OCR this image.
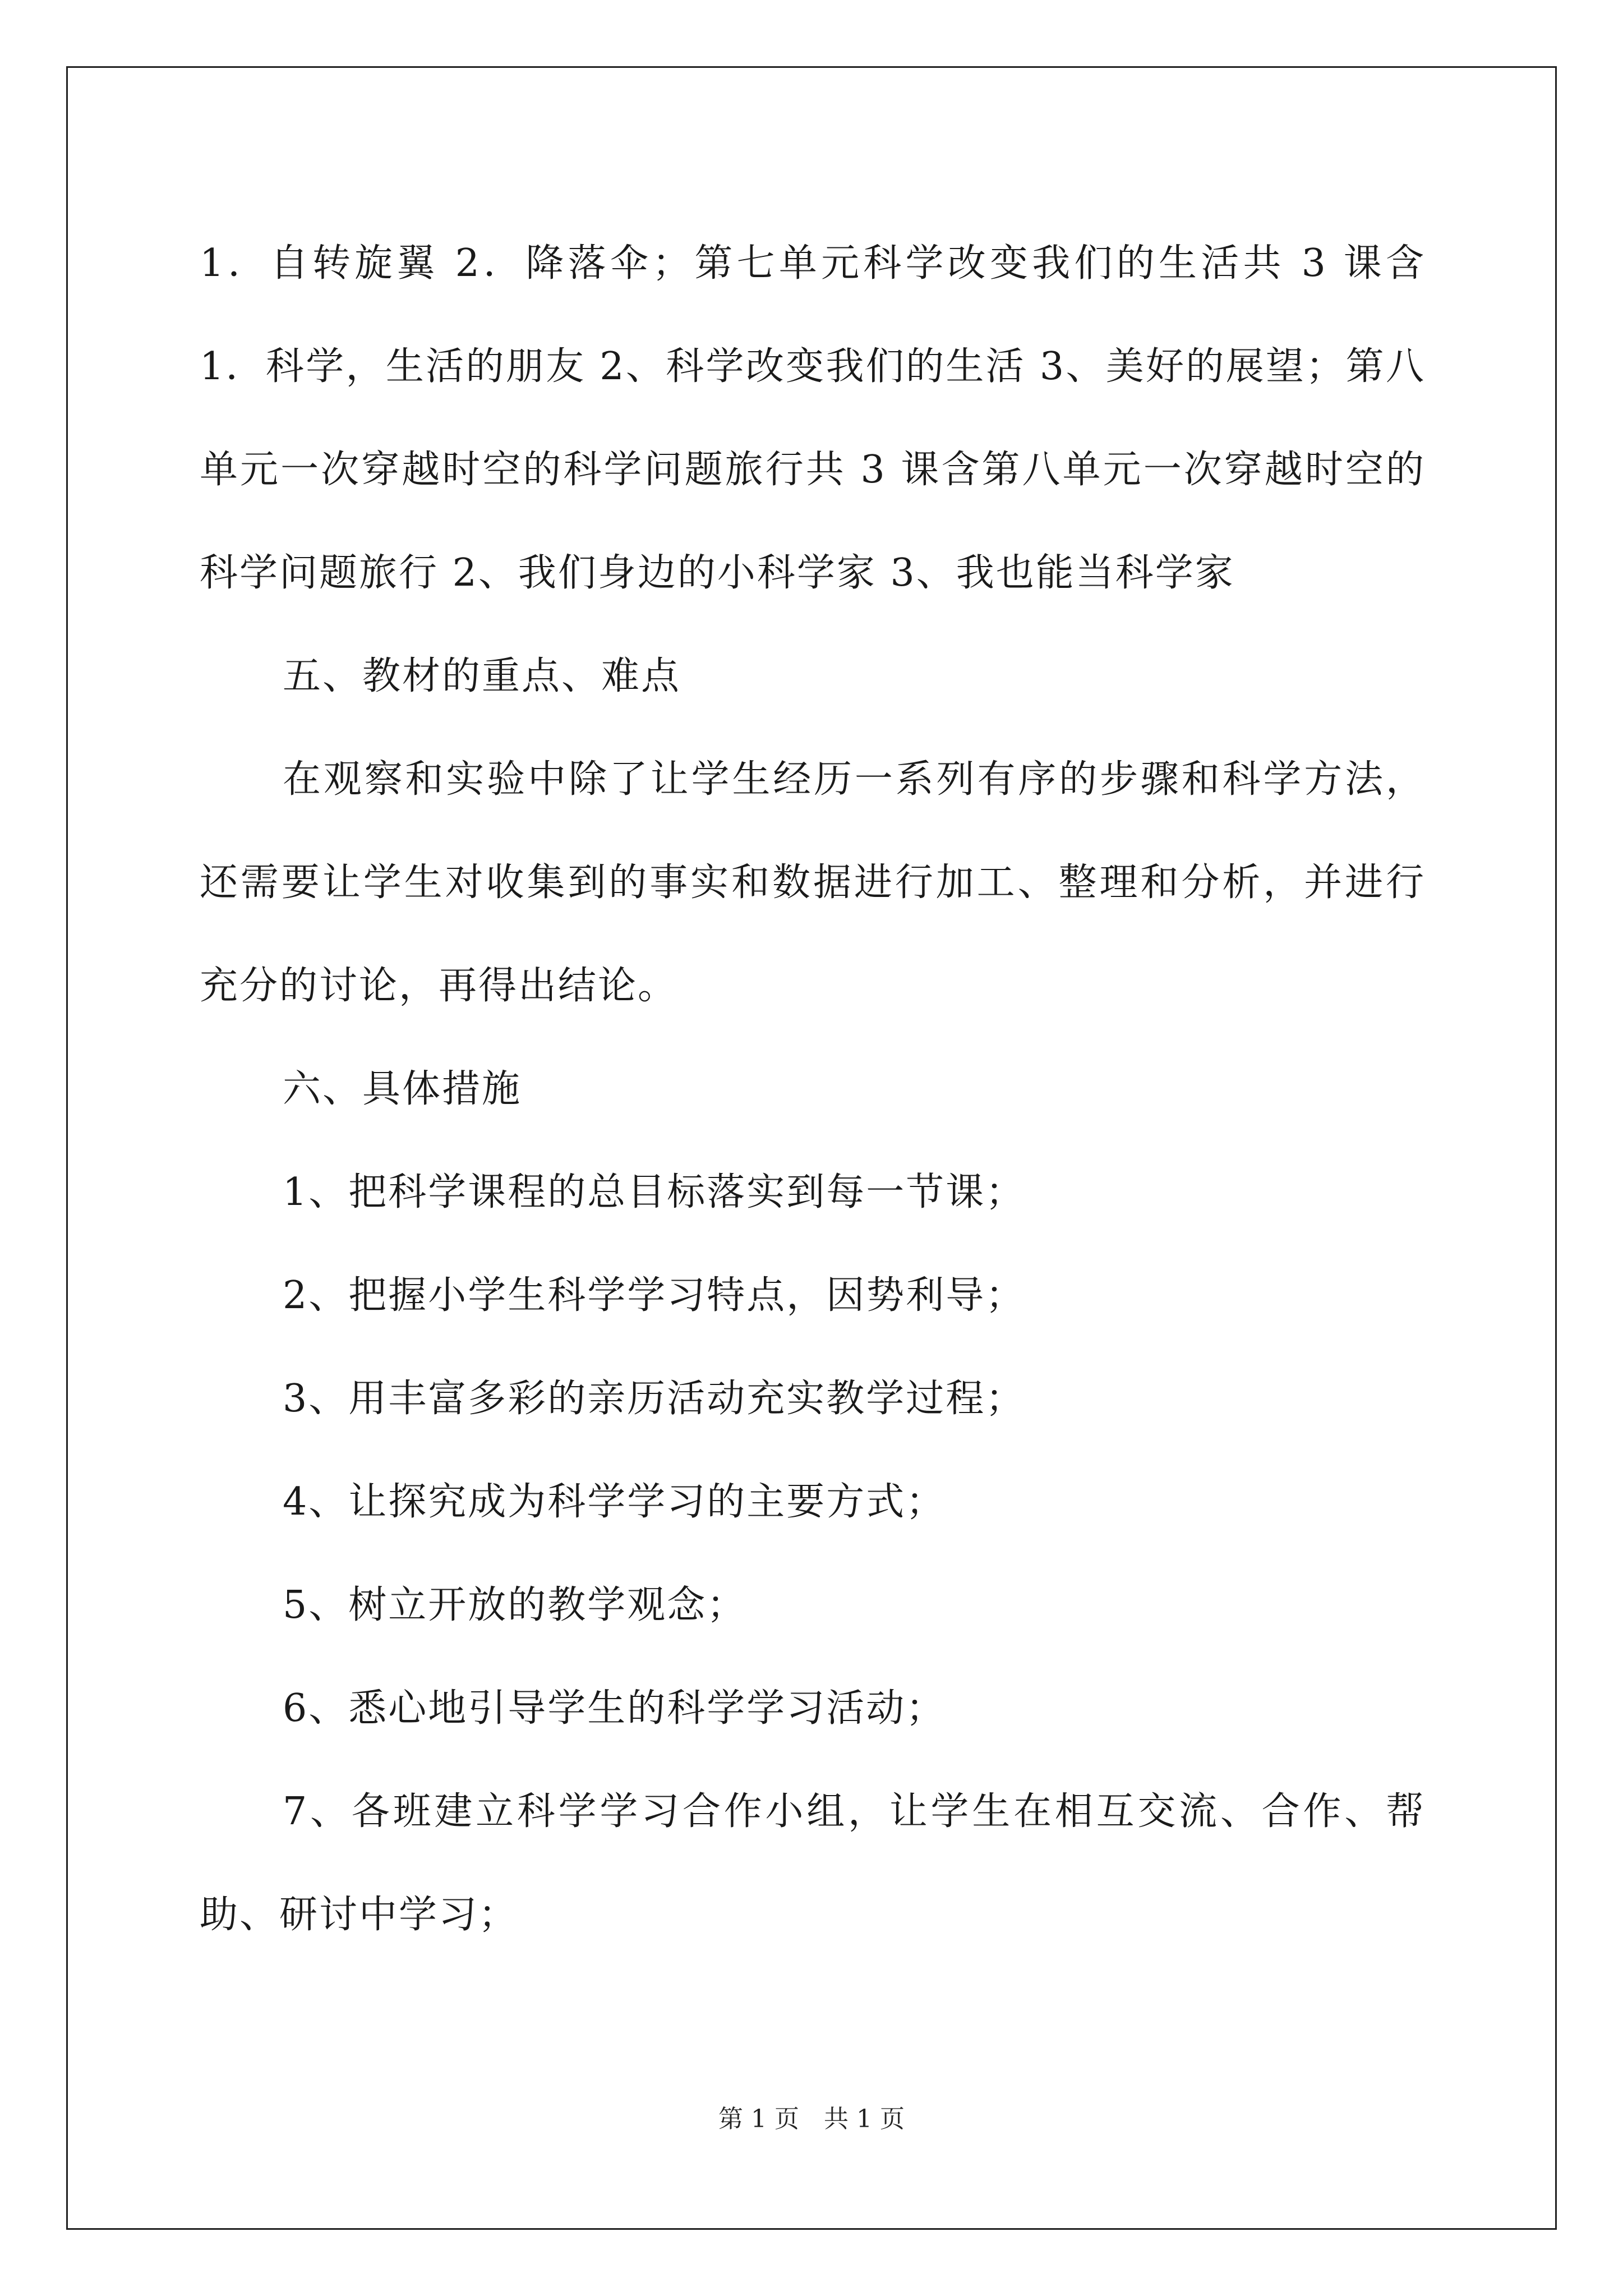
1．自转旋翼 2．降落伞；第七单元科学改变我们的生活共 3 课含 1．科学，生活的朋友 2、科学改变我们的生活 3、美好的展望；第八单元一次穿越时空的科学问题旅行共 3 课含第八单元一次穿越时空的科学问题旅行 2、我们身边的小科学家 3、我也能当科学家

五、教材的重点、难点

在观察和实验中除了让学生经历一系列有序的步骤和科学方法，还需要让学生对收集到的事实和数据进行加工、整理和分析，并进行充分的讨论，再得出结论。

六、具体措施

1、把科学课程的总目标落实到每一节课；

2、把握小学生科学学习特点，因势利导；

3、用丰富多彩的亲历活动充实教学过程；

4、让探究成为科学学习的主要方式；

5、树立开放的教学观念；

6、悉心地引导学生的科学学习活动；

7、各班建立科学学习合作小组，让学生在相互交流、合作、帮助、研讨中学习；

第 1 页　共 1 页
